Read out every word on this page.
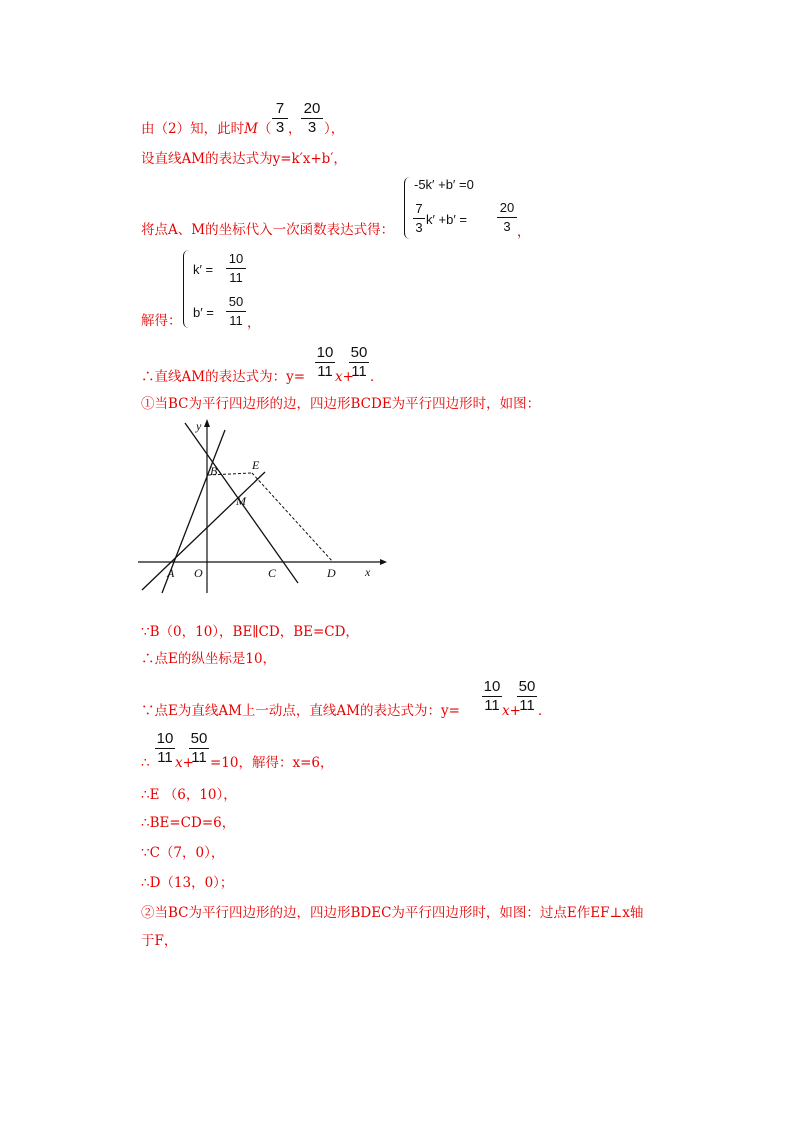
由（2）知，此时M（
7
3 ，
20
3 ），
设直线AM的表达式为y=k′x+b′，
将点A、M的坐标代入一次函数表达式得：
-5k′ +b′ =0
7
3
k′ +b′ =
20
3 ，
解得：
k′ =
10
11
b′ =
50
11 ，
∴直线AM的表达式为：y=
10
11 x+
50
11 ．
①当BC为平行四边形的边，四边形BCDE为平行四边形时，如图：
y
x
A O
B
C	D
E
M
∵B（0，10），BE∥CD，BE=CD，
∴点E的纵坐标是10，
∵点E为直线AM上一动点，直线AM的表达式为：y=
10
11 x+
50
11 ．
∴
10
11 x+
50
11 =10，解得：x=6，
∴E （6，10），
∴BE=CD=6，
∵C（7，0），
∴D（13，0）；
②当BC为平行四边形的边，四边形BDEC为平行四边形时，如图：过点E作EF⊥x轴
于F，
